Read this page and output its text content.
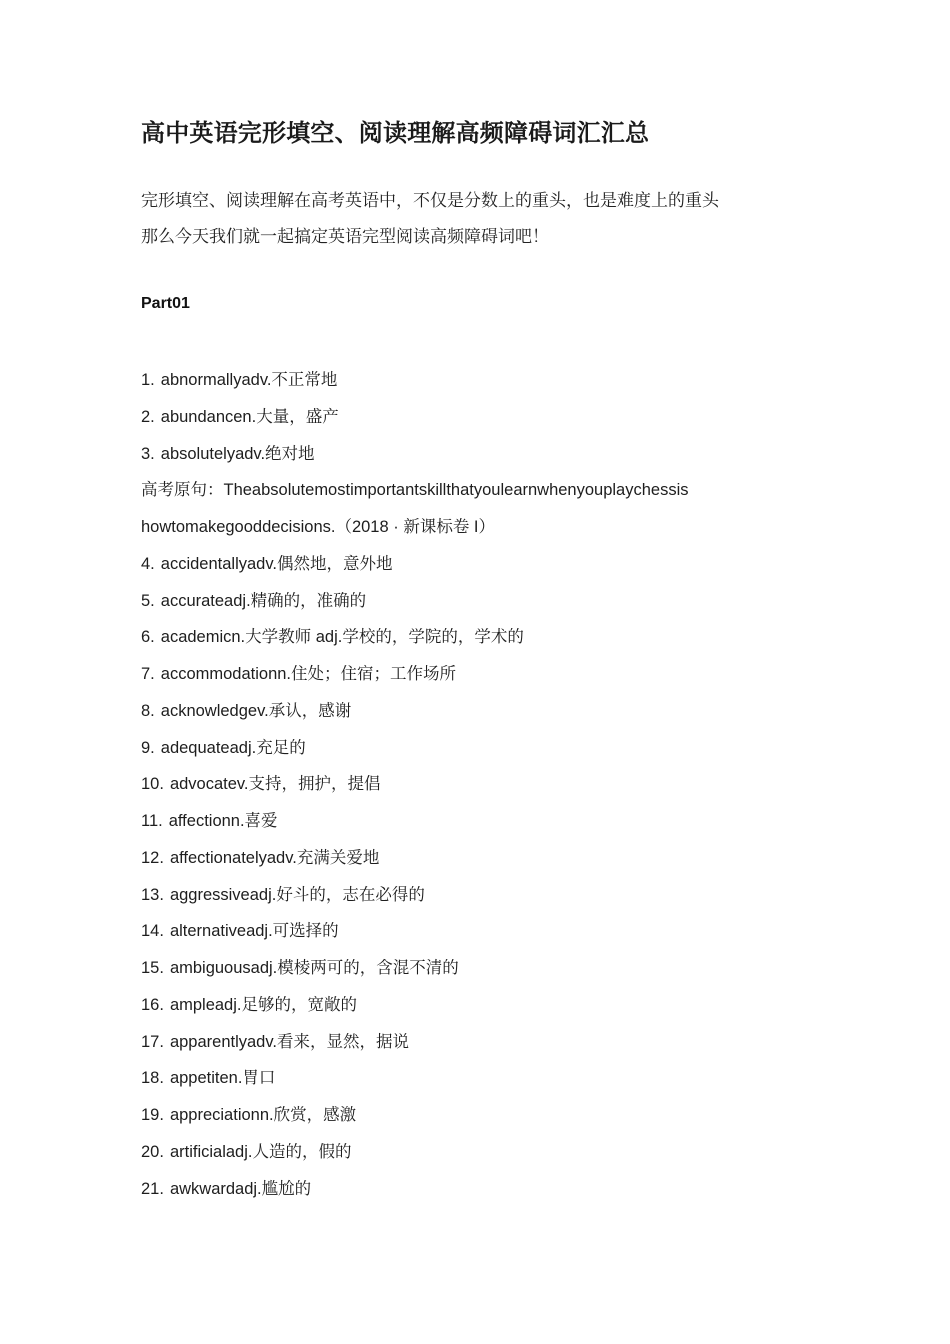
高中英语完形填空、阅读理解高频障碍词汇汇总
完形填空、阅读理解在高考英语中，不仅是分数上的重头，也是难度上的重头
那么今天我们就一起搞定英语完型阅读高频障碍词吧！
Part01
1. abnormallyadv.不正常地
2. abundancen.大量，盛产
3. absolutelyadv.绝对地
高考原句：Theabsolutemostimportantskillthatyoulearnwhenyouplaychessis
howtomakegooddecisions.（2018 · 新课标卷 I）
4. accidentallyadv.偶然地，意外地
5. accurateadj.精确的，准确的
6. academicn.大学教师 adj.学校的，学院的，学术的
7. accommodationn.住处；住宿；工作场所
8. acknowledgev.承认，感谢
9. adequateadj.充足的
10. advocatev.支持，拥护，提倡
11. affectionn.喜爱
12. affectionatelyadv.充满关爱地
13. aggressiveadj.好斗的，志在必得的
14. alternativeadj.可选择的
15. ambiguousadj.模棱两可的，含混不清的
16. ampleadj.足够的，宽敞的
17. apparentlyadv.看来，显然，据说
18. appetiten.胃口
19. appreciationn.欣赏，感激
20. artificialadj.人造的，假的
21. awkwardadj.尴尬的
